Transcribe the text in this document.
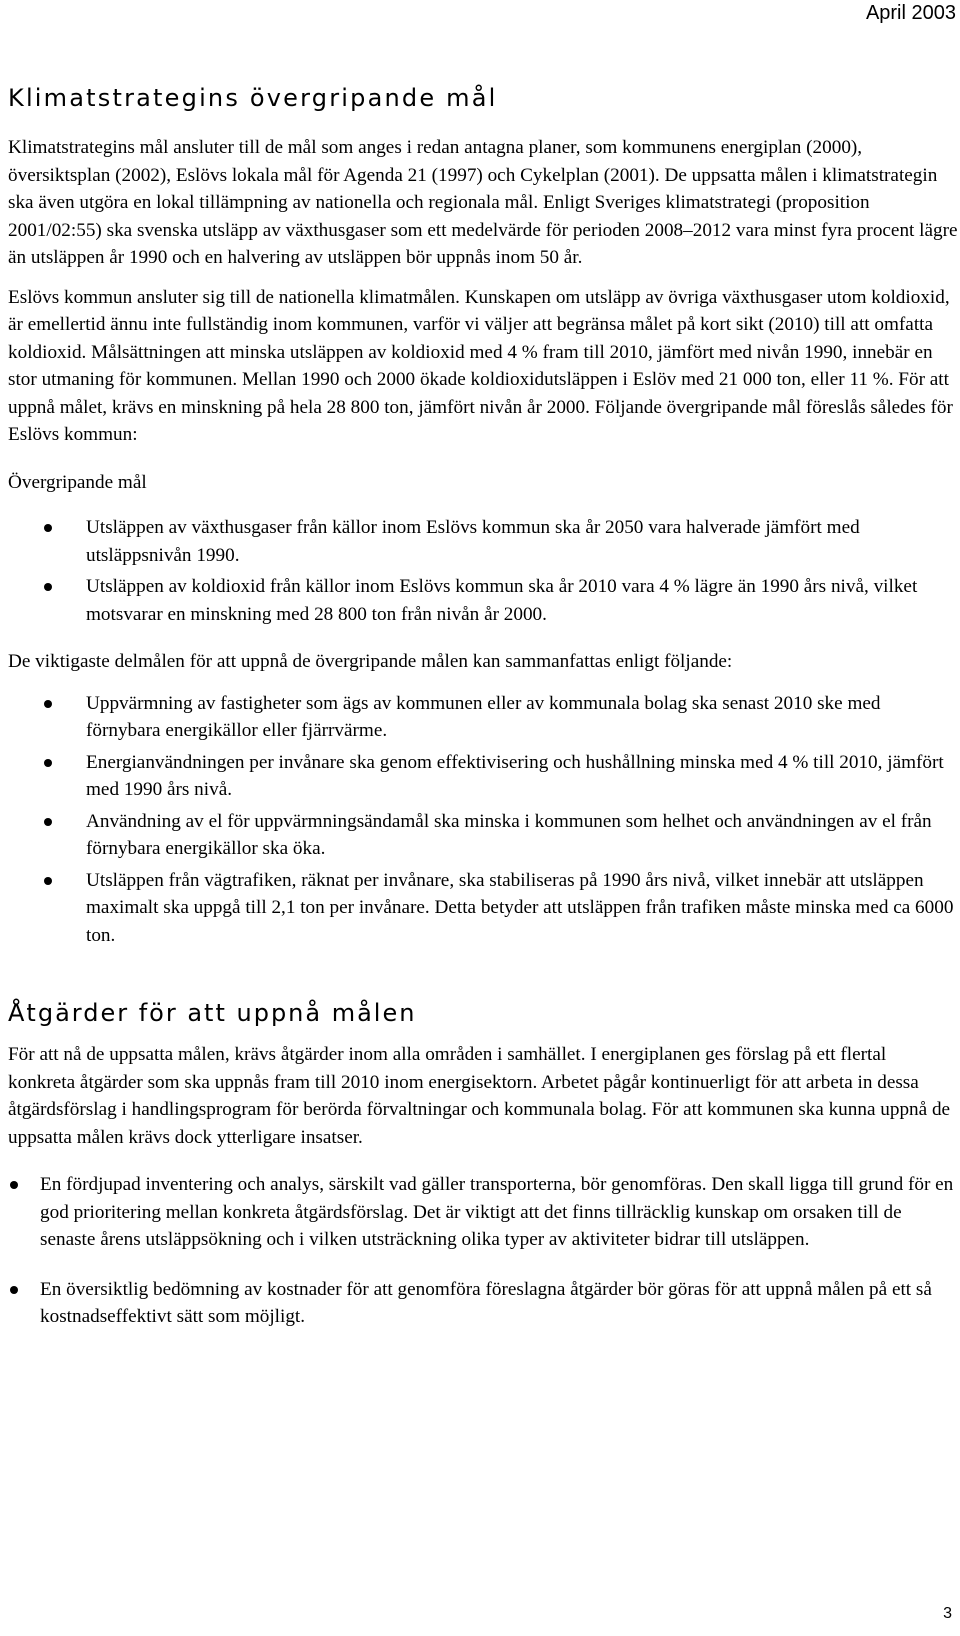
April 2003
Klimatstrategins övergripande mål

Klimatstrategins mål ansluter till de mål som anges i redan antagna planer, som kommunens energiplan (2000), översiktsplan (2002), Eslövs lokala mål för Agenda 21 (1997) och Cykelplan (2001). De uppsatta målen i klimatstrategin ska även utgöra en lokal tillämpning av nationella och regionala mål. Enligt Sveriges klimatstrategi (proposition 2001/02:55) ska svenska utsläpp av växthusgaser som ett medelvärde för perioden 2008–2012 vara minst fyra procent lägre än utsläppen år 1990 och en halvering av utsläppen bör uppnås inom 50 år.

Eslövs kommun ansluter sig till de nationella klimatmålen. Kunskapen om utsläpp av övriga växthusgaser utom koldioxid, är emellertid ännu inte fullständig inom kommunen, varför vi väljer att begränsa målet på kort sikt (2010) till att omfatta koldioxid. Målsättningen att minska utsläppen av koldioxid med 4 % fram till 2010, jämfört med nivån 1990, innebär en stor utmaning för kommunen. Mellan 1990 och 2000 ökade koldioxidutsläppen i Eslöv med 21 000 ton, eller 11 %. För att uppnå målet, krävs en minskning på hela 28 800 ton, jämfört nivån år 2000. Följande övergripande mål föreslås således för Eslövs kommun:

Övergripande mål
Utsläppen av växthusgaser från källor inom Eslövs kommun ska år 2050 vara halverade jämfört med utsläppsnivån 1990.
Utsläppen av koldioxid från källor inom Eslövs kommun ska år 2010 vara 4 % lägre än 1990 års nivå, vilket motsvarar en minskning med 28 800 ton från nivån år 2000.

De viktigaste delmålen för att uppnå de övergripande målen kan sammanfattas enligt följande:

Uppvärmning av fastigheter som ägs av kommunen eller av kommunala bolag ska senast 2010 ske med förnybara energikällor eller fjärrvärme.
Energianvändningen per invånare ska genom effektivisering och hushållning minska med 4 % till 2010, jämfört med 1990 års nivå.
Användning av el för uppvärmningsändamål ska minska i kommunen som helhet och användningen av el från förnybara energikällor ska öka.
Utsläppen från vägtrafiken, räknat per invånare, ska stabiliseras på 1990 års nivå, vilket innebär att utsläppen maximalt ska uppgå till 2,1 ton per invånare. Detta betyder att utsläppen från trafiken måste minska med ca 6000 ton.
Åtgärder för att uppnå målen

För att nå de uppsatta målen, krävs åtgärder inom alla områden i samhället. I energiplanen ges förslag på ett flertal konkreta åtgärder som ska uppnås fram till 2010 inom energisektorn. Arbetet pågår kontinuerligt för att arbeta in dessa åtgärdsförslag i handlingsprogram för berörda förvaltningar och kommunala bolag. För att kommunen ska kunna uppnå de uppsatta målen krävs dock ytterligare insatser.

En fördjupad inventering och analys, särskilt vad gäller transporterna, bör genomföras. Den skall ligga till grund för en god prioritering mellan konkreta åtgärdsförslag. Det är viktigt att det finns tillräcklig kunskap om orsaken till de senaste årens utsläppsökning och i vilken utsträckning olika typer av aktiviteter bidrar till utsläppen.
En översiktlig bedömning av kostnader för att genomföra föreslagna åtgärder bör göras för att uppnå målen på ett så kostnadseffektivt sätt som möjligt.
3
